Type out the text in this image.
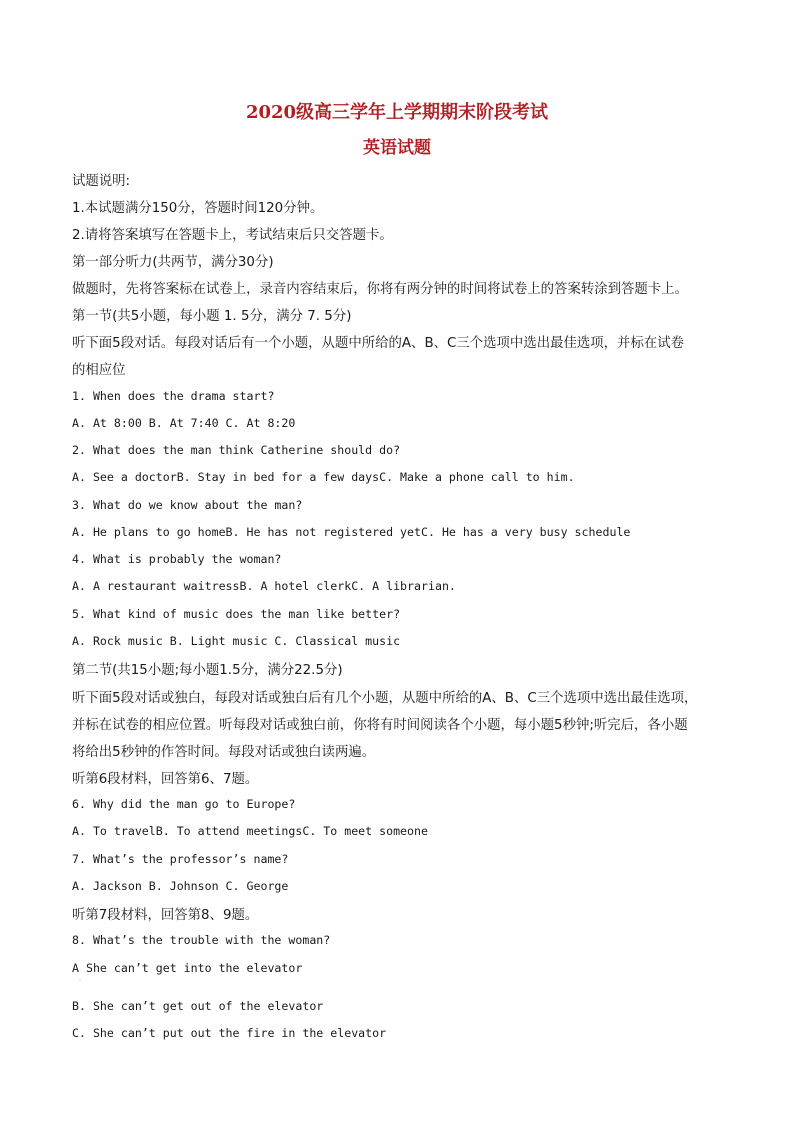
2020级高三学年上学期期末阶段考试
英语试题
试题说明:
1.本试题满分150分，答题时间120分钟。
2.请将答案填写在答题卡上，考试结束后只交答题卡。
第一部分听力(共两节，满分30分)
做题时，先将答案标在试卷上，录音内容结束后，你将有两分钟的时间将试卷上的答案转涂到答题卡上。
第一节(共5小题，每小题 1. 5分，满分 7. 5分)
听下面5段对话。每段对话后有一个小题，从题中所给的A、B、C三个选项中选出最佳选项，并标在试卷
的相应位
1. When does the drama start?
A. At 8:00 B. At 7:40 C. At 8:20
2. What does the man think Catherine should do?
A. See a doctorB. Stay in bed for a few daysC. Make a phone call to him.
3. What do we know about the man?
A. He plans to go homeB. He has not registered yetC. He has a very busy schedule
4. What is probably the woman?
A. A restaurant waitressB. A hotel clerkC. A librarian.
5. What kind of music does the man like better?
A. Rock music B. Light music C. Classical music
第二节(共15小题;每小题1.5分，满分22.5分)
听下面5段对话或独白，每段对话或独白后有几个小题，从题中所给的A、B、C三个选项中选出最佳选项，
并标在试卷的相应位置。听每段对话或独白前，你将有时间阅读各个小题，每小题5秒钟;听完后，各小题
将给出5秒钟的作答时间。每段对话或独白读两遍。
听第6段材料，回答第6、7题。
6. Why did the man go to Europe?
A. To travelB. To attend meetingsC. To meet someone
7. What’s the professor’s name?
A. Jackson B. Johnson C. George
听第7段材料，回答第8、9题。
8. What’s the trouble with the woman?
A She can’t get into the elevator
˙
B. She can’t get out of the elevator
C. She can’t put out the fire in the elevator
